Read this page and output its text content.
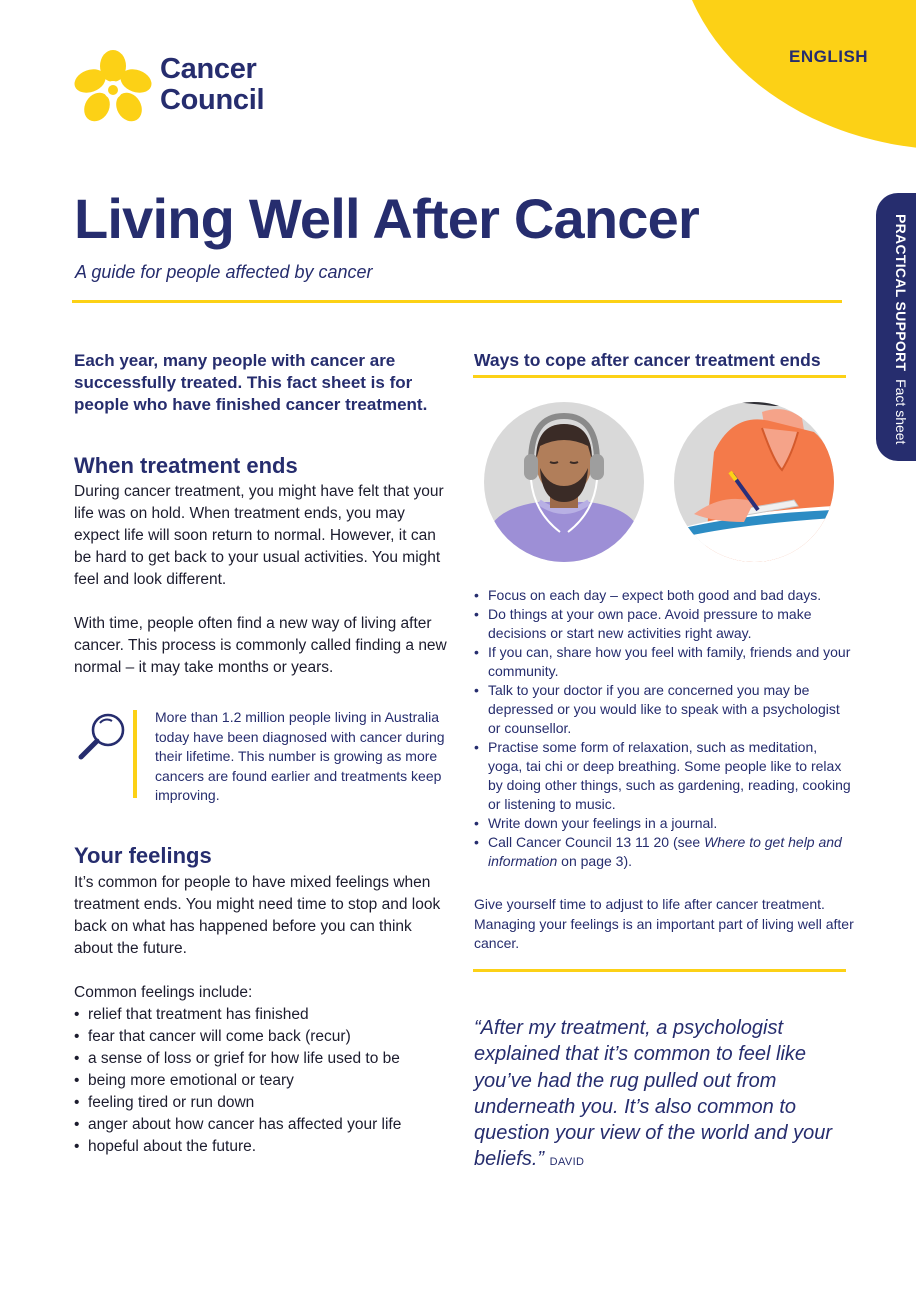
ENGLISH
Cancer
Council
PRACTICAL SUPPORT  Fact sheet
Living Well After Cancer
A guide for people affected by cancer
Each year, many people with cancer are successfully treated. This fact sheet is for people who have finished cancer treatment.
When treatment ends

During cancer treatment, you might have felt that your life was on hold. When treatment ends, you may expect life will soon return to normal. However, it can be hard to get back to your usual activities. You might feel and look different.

With time, people often find a new way of living after cancer. This process is commonly called finding a new normal – it may take months or years.

More than 1.2 million people living in Australia today have been diagnosed with cancer during their lifetime. This number is growing as more cancers are found earlier and treatments keep improving.
Your feelings

It’s common for people to have mixed feelings when treatment ends. You might need time to stop and look back on what has happened before you can think about the future.

Common feelings include:
• relief that treatment has finished
• fear that cancer will come back (recur)
• a sense of loss or grief for how life used to be
• being more emotional or teary
• feeling tired or run down
• anger about how cancer has affected your life
• hopeful about the future.
Ways to cope after cancer treatment ends
• Focus on each day – expect both good and bad days.
• Do things at your own pace. Avoid pressure to make decisions or start new activities right away.
• If you can, share how you feel with family, friends and your community.
• Talk to your doctor if you are concerned you may be depressed or you would like to speak with a psychologist or counsellor.
• Practise some form of relaxation, such as meditation, yoga, tai chi or deep breathing. Some people like to relax by doing other things, such as gardening, reading, cooking or listening to music.
• Write down your feelings in a journal.
• Call Cancer Council 13 11 20 (see Where to get help and information on page 3).
Give yourself time to adjust to life after cancer treatment. Managing your feelings is an important part of living well after cancer.
“After my treatment, a psychologist explained that it’s common to feel like you’ve had the rug pulled out from underneath you. It’s also common to question your view of the world and your beliefs.” DAVID
